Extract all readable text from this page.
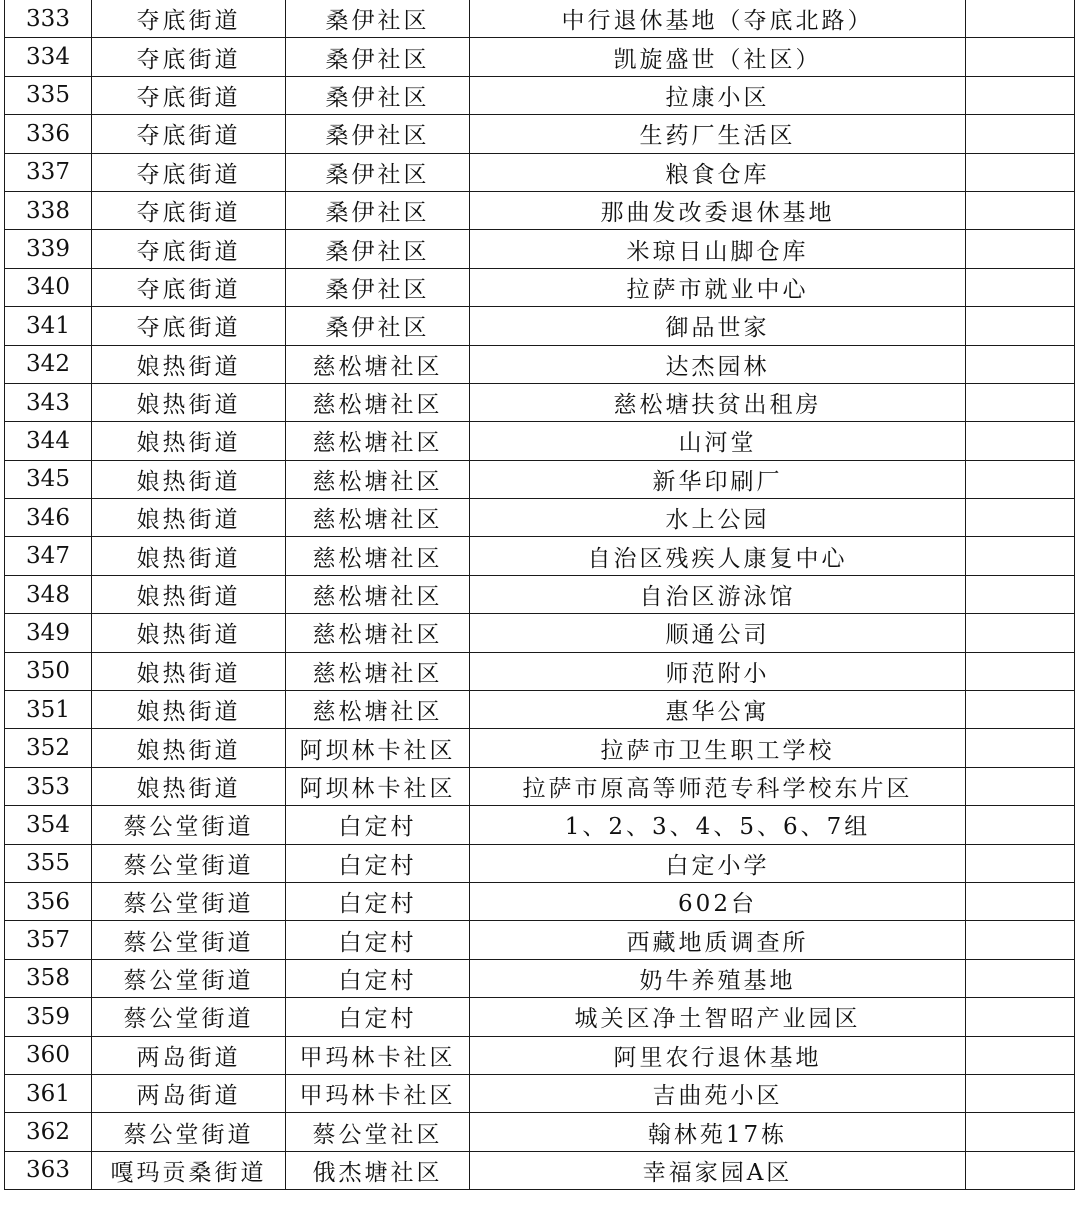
333	夺底街道	桑伊社区	中行退休基地（夺底北路）	
334	夺底街道	桑伊社区	凯旋盛世（社区）	
335	夺底街道	桑伊社区	拉康小区	
336	夺底街道	桑伊社区	生药厂生活区	
337	夺底街道	桑伊社区	粮食仓库	
338	夺底街道	桑伊社区	那曲发改委退休基地	
339	夺底街道	桑伊社区	米琼日山脚仓库	
340	夺底街道	桑伊社区	拉萨市就业中心	
341	夺底街道	桑伊社区	御品世家	
342	娘热街道	慈松塘社区	达杰园林	
343	娘热街道	慈松塘社区	慈松塘扶贫出租房	
344	娘热街道	慈松塘社区	山河堂	
345	娘热街道	慈松塘社区	新华印刷厂	
346	娘热街道	慈松塘社区	水上公园	
347	娘热街道	慈松塘社区	自治区残疾人康复中心	
348	娘热街道	慈松塘社区	自治区游泳馆	
349	娘热街道	慈松塘社区	顺通公司	
350	娘热街道	慈松塘社区	师范附小	
351	娘热街道	慈松塘社区	惠华公寓	
352	娘热街道	阿坝林卡社区	拉萨市卫生职工学校	
353	娘热街道	阿坝林卡社区	拉萨市原高等师范专科学校东片区	
354	蔡公堂街道	白定村	1、2、3、4、5、6、7组	
355	蔡公堂街道	白定村	白定小学	
356	蔡公堂街道	白定村	602台	
357	蔡公堂街道	白定村	西藏地质调查所	
358	蔡公堂街道	白定村	奶牛养殖基地	
359	蔡公堂街道	白定村	城关区净土智昭产业园区	
360	两岛街道	甲玛林卡社区	阿里农行退休基地	
361	两岛街道	甲玛林卡社区	吉曲苑小区	
362	蔡公堂街道	蔡公堂社区	翰林苑17栋	
363	嘎玛贡桑街道	俄杰塘社区	幸福家园A区	
